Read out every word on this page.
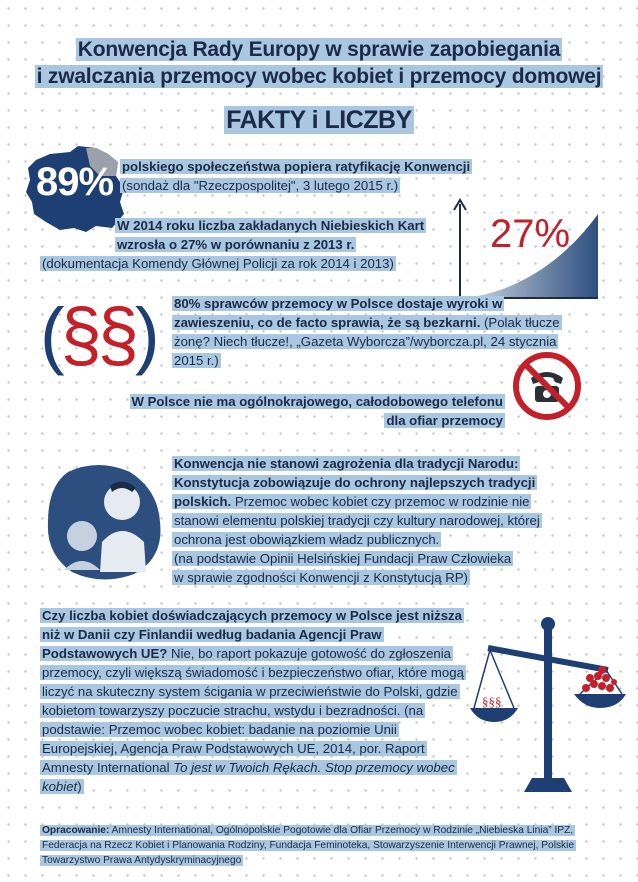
Konwencja Rady Europy w sprawie zapobiegania
i zwalczania przemocy wobec kobiet i przemocy domowej
FAKTY i LICZBY
89% polskiego społeczeństwa popiera ratyfikację Konwencji
(sondaż dla "Rzeczpospolitej", 3 lutego 2015 r.)
W 2014 roku liczba zakładanych Niebieskich Kart
wzrosła o 27% w porównaniu z 2013 r.
(dokumentacja Komendy Głównej Policji za rok 2014 i 2013)
27%
(§§) 80% sprawców przemocy w Polsce dostaje wyroki w zawieszeniu, co de facto sprawia, że są bezkarni. (Polak tłucze żonę? Niech tłucze!, „Gazeta Wyborcza”/wyborcza.pl, 24 stycznia 2015 r.)
W Polsce nie ma ogólnokrajowego, całodobowego telefonu
dla ofiar przemocy
Konwencja nie stanowi zagrożenia dla tradycji Narodu: Konstytucja zobowiązuje do ochrony najlepszych tradycji polskich. Przemoc wobec kobiet czy przemoc w rodzinie nie stanowi elementu polskiej tradycji czy kultury narodowej, której ochrona jest obowiązkiem władz publicznych.
(na podstawie Opinii Helsińskiej Fundacji Praw Człowieka
w sprawie zgodności Konwencji z Konstytucją RP)
Czy liczba kobiet doświadczających przemocy w Polsce jest niższa niż w Danii czy Finlandii według badania Agencji Praw Podstawowych UE? Nie, bo raport pokazuje gotowość do zgłoszenia przemocy, czyli większą świadomość i bezpieczeństwo ofiar, które mogą liczyć na skuteczny system ścigania w przeciwieństwie do Polski, gdzie kobietom towarzyszy poczucie strachu, wstydu i bezradności. (na podstawie: Przemoc wobec kobiet: badanie na poziomie Unii Europejskiej, Agencja Praw Podstawowych UE, 2014, por. Raport Amnesty International To jest w Twoich Rękach. Stop przemocy wobec kobiet)
§§§
Opracowanie: Amnesty International, Ogólnopolskie Pogotowie dla Ofiar Przemocy w Rodzinie „Niebieska Linia” IPZ, Federacja na Rzecz Kobiet i Planowania Rodziny, Fundacja Feminoteka, Stowarzyszenie Interwencji Prawnej, Polskie Towarzystwo Prawa Antydyskryminacyjnego
